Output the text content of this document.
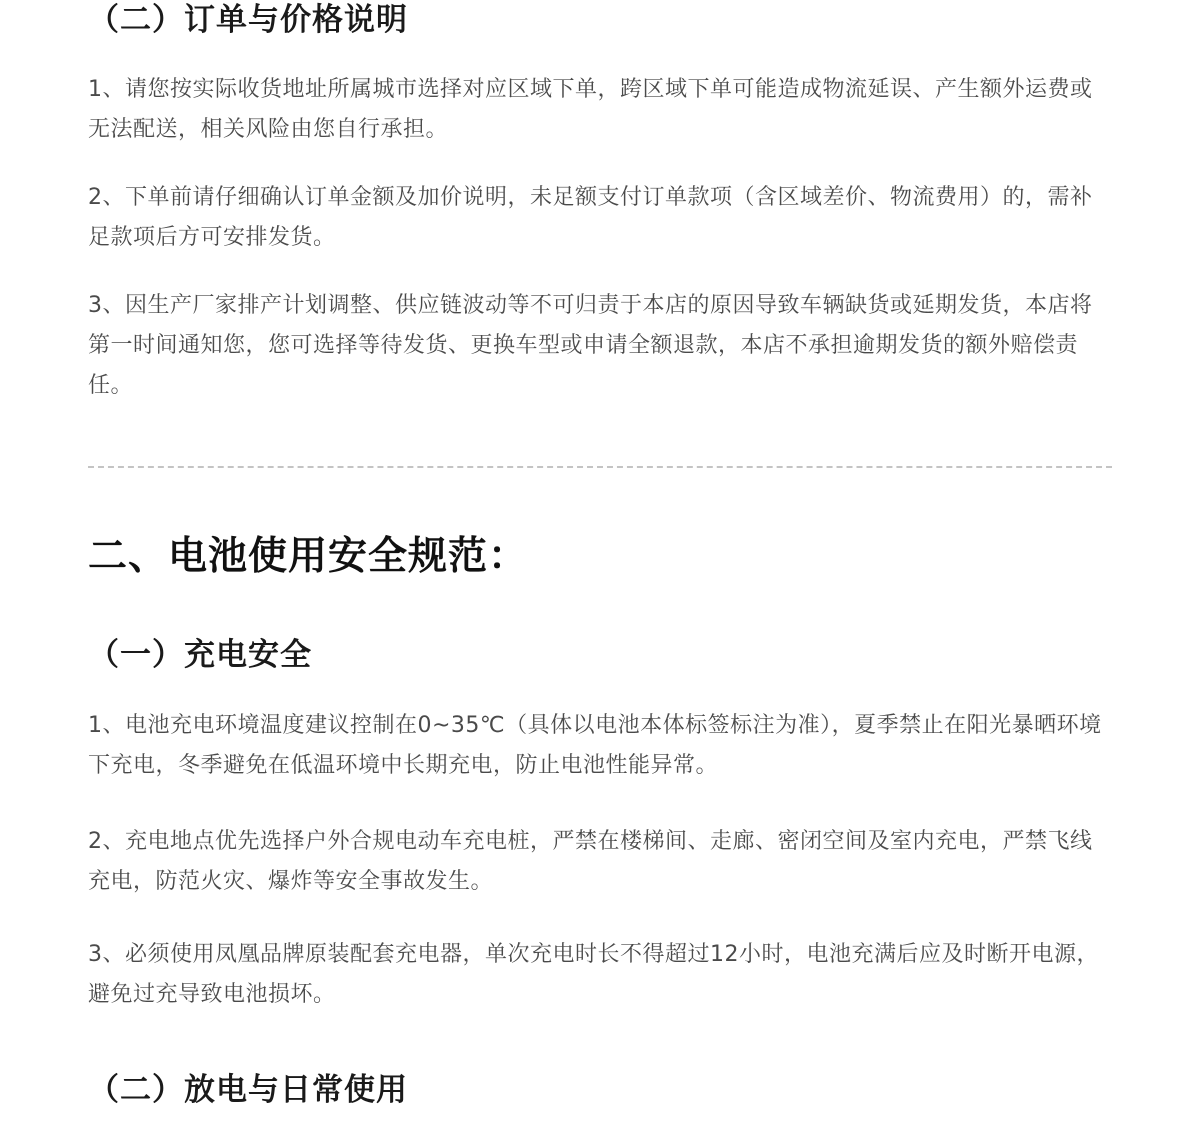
（二）订单与价格说明

1、请您按实际收货地址所属城市选择对应区域下单，跨区域下单可能造成物流延误、产生额外运费或无法配送，相关风险由您自行承担。

2、下单前请仔细确认订单金额及加价说明，未足额支付订单款项（含区域差价、物流费用）的，需补足款项后方可安排发货。

3、因生产厂家排产计划调整、供应链波动等不可归责于本店的原因导致车辆缺货或延期发货，本店将第一时间通知您，您可选择等待发货、更换车型或申请全额退款，本店不承担逾期发货的额外赔偿责任。

二、电池使用安全规范：
（一）充电安全

1、电池充电环境温度建议控制在0~35℃（具体以电池本体标签标注为准），夏季禁止在阳光暴晒环境下充电，冬季避免在低温环境中长期充电，防止电池性能异常。

2、充电地点优先选择户外合规电动车充电桩，严禁在楼梯间、走廊、密闭空间及室内充电，严禁飞线充电，防范火灾、爆炸等安全事故发生。

3、必须使用凤凰品牌原装配套充电器，单次充电时长不得超过12小时，电池充满后应及时断开电源，避免过充导致电池损坏。

（二）放电与日常使用
